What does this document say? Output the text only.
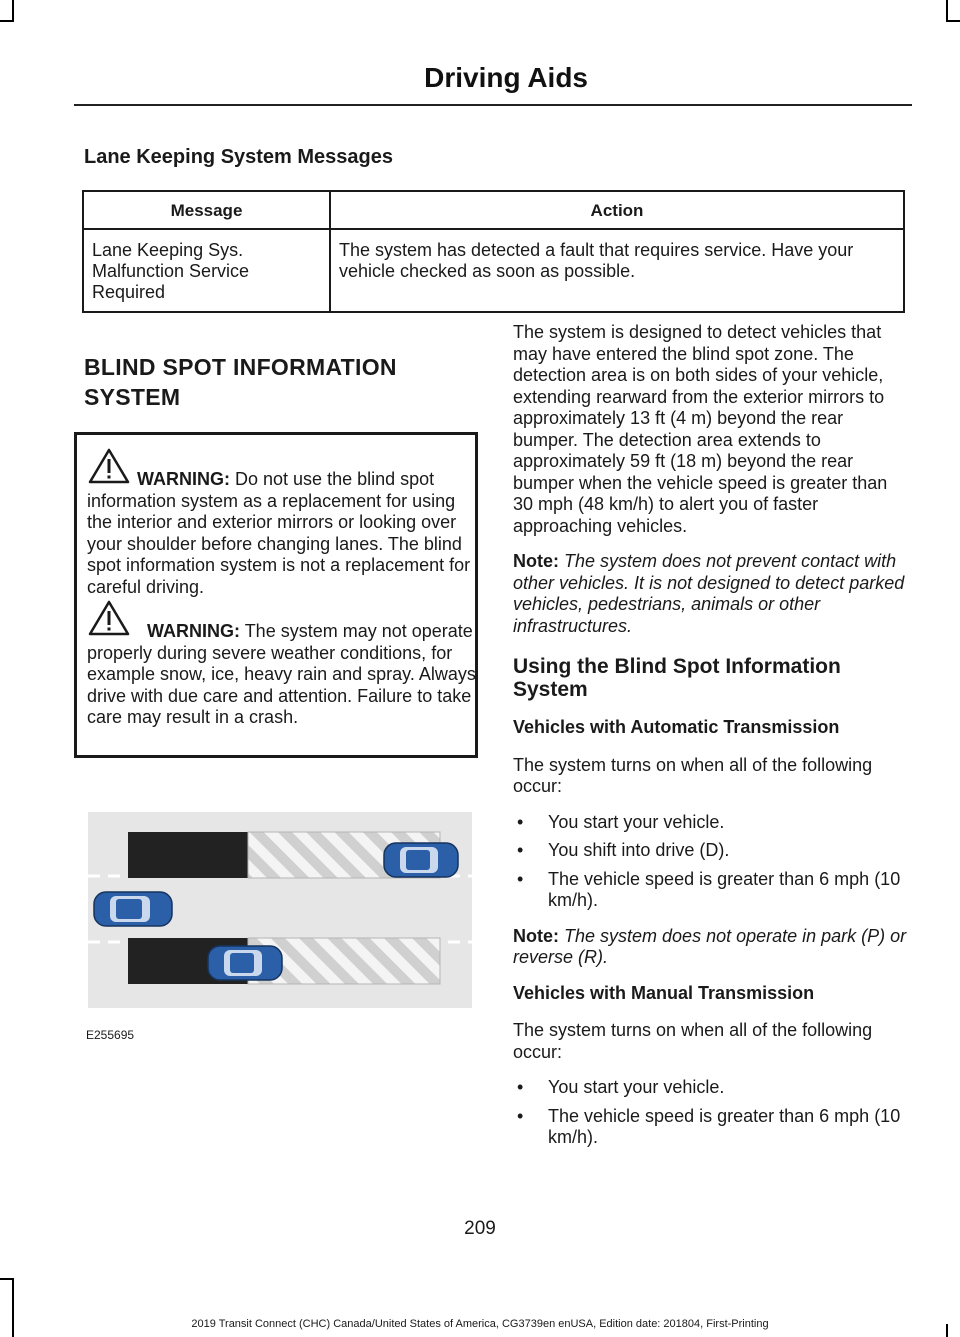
Driving Aids
Lane Keeping System Messages
Message	Action
Lane Keeping Sys. Malfunction Service Required	The system has detected a fault that requires service. Have your vehicle checked as soon as possible.
BLIND SPOT INFORMATION SYSTEM
WARNING: Do not use the blind spot information system as a replacement for using the interior and exterior mirrors or looking over your shoulder before changing lanes. The blind spot information system is not a replacement for careful driving.
WARNING: The system may not operate properly during severe weather conditions, for example snow, ice, heavy rain and spray. Always drive with due care and attention. Failure to take care may result in a crash.
E255695

The system is designed to detect vehicles that may have entered the blind spot zone. The detection area is on both sides of your vehicle, extending rearward from the exterior mirrors to approximately 13 ft (4 m) beyond the rear bumper. The detection area extends to approximately 59 ft (18 m) beyond the rear bumper when the vehicle speed is greater than 30 mph (48 km/h) to alert you of faster approaching vehicles.

Note: The system does not prevent contact with other vehicles. It is not designed to detect parked vehicles, pedestrians, animals or other infrastructures.

Using the Blind Spot Information System
Vehicles with Automatic Transmission

The system turns on when all of the following occur:

• You start your vehicle.
• You shift into drive (D).
• The vehicle speed is greater than 6 mph (10 km/h).

Note: The system does not operate in park (P) or reverse (R).

Vehicles with Manual Transmission

The system turns on when all of the following occur:

• You start your vehicle.
• The vehicle speed is greater than 6 mph (10 km/h).
209
2019 Transit Connect (CHC) Canada/United States of America, CG3739en enUSA, Edition date: 201804, First-Printing
